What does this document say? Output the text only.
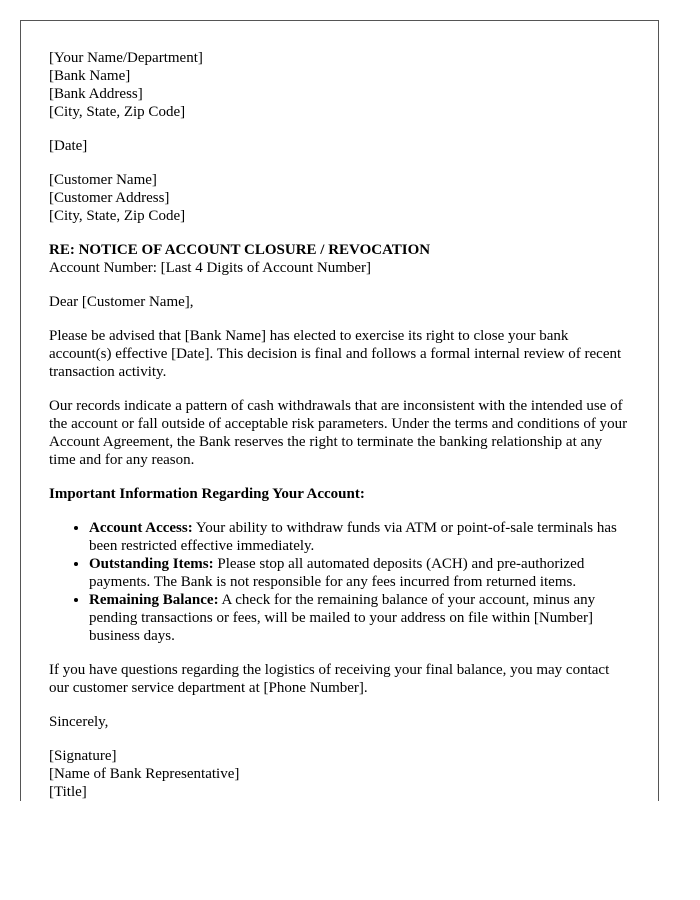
[Your Name/Department]
[Bank Name]
[Bank Address]
[City, State, Zip Code]
[Date]
[Customer Name]
[Customer Address]
[City, State, Zip Code]
RE: NOTICE OF ACCOUNT CLOSURE / REVOCATION
Account Number: [Last 4 Digits of Account Number]

Dear [Customer Name],

Please be advised that [Bank Name] has elected to exercise its right to close your bank account(s) effective [Date]. This decision is final and follows a formal internal review of recent transaction activity.

Our records indicate a pattern of cash withdrawals that are inconsistent with the intended use of the account or fall outside of acceptable risk parameters. Under the terms and conditions of your Account Agreement, the Bank reserves the right to terminate the banking relationship at any time and for any reason.

Important Information Regarding Your Account:

• Account Access: Your ability to withdraw funds via ATM or point-of-sale terminals has been restricted effective immediately.
• Outstanding Items: Please stop all automated deposits (ACH) and pre-authorized payments. The Bank is not responsible for any fees incurred from returned items.
• Remaining Balance: A check for the remaining balance of your account, minus any pending transactions or fees, will be mailed to your address on file within [Number] business days.

If you have questions regarding the logistics of receiving your final balance, you may contact our customer service department at [Phone Number].

Sincerely,

[Signature]
[Name of Bank Representative]
[Title]
